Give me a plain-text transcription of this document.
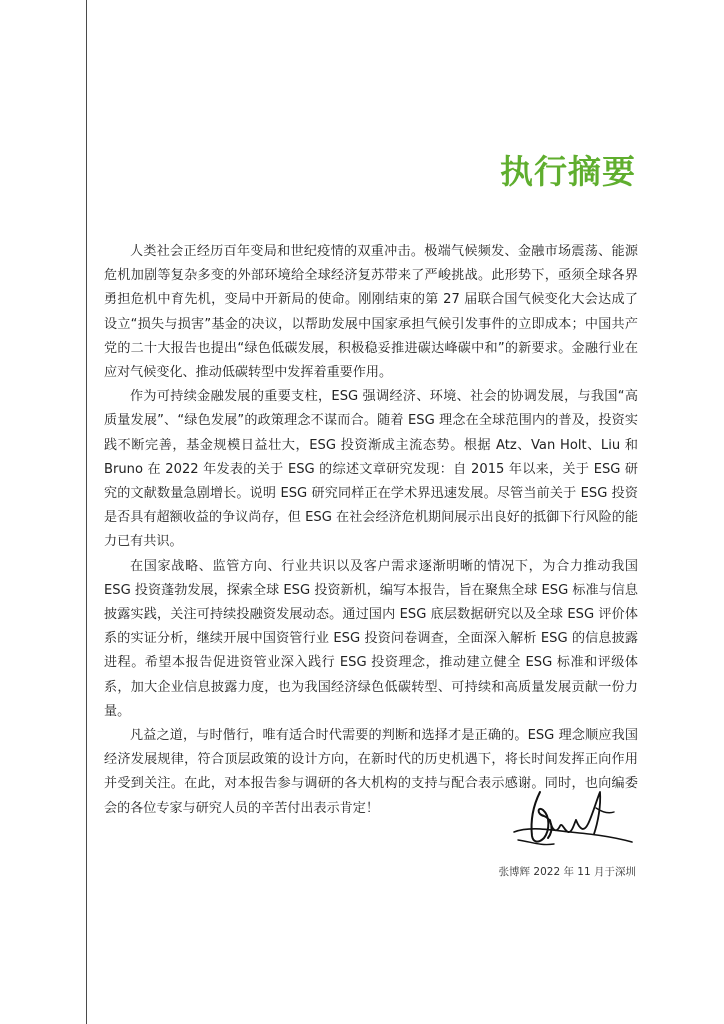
执行摘要

人类社会正经历百年变局和世纪疫情的双重冲击。极端气候频发、金融市场震荡、能源危机加剧等复杂多变的外部环境给全球经济复苏带来了严峻挑战。此形势下，亟须全球各界勇担危机中育先机，变局中开新局的使命。刚刚结束的第 27 届联合国气候变化大会达成了设立“损失与损害”基金的决议，以帮助发展中国家承担气候引发事件的立即成本；中国共产党的二十大报告也提出“绿色低碳发展，积极稳妥推进碳达峰碳中和”的新要求。金融行业在应对气候变化、推动低碳转型中发挥着重要作用。

作为可持续金融发展的重要支柱，ESG 强调经济、环境、社会的协调发展，与我国“高质量发展”、“绿色发展”的政策理念不谋而合。随着 ESG 理念在全球范围内的普及，投资实践不断完善，基金规模日益壮大，ESG 投资渐成主流态势。根据 Atz、Van Holt、Liu 和 Bruno 在 2022 年发表的关于 ESG 的综述文章研究发现：自 2015 年以来，关于 ESG 研究的文献数量急剧增长。说明 ESG 研究同样正在学术界迅速发展。尽管当前关于 ESG 投资是否具有超额收益的争议尚存，但 ESG 在社会经济危机期间展示出良好的抵御下行风险的能力已有共识。

在国家战略、监管方向、行业共识以及客户需求逐渐明晰的情况下，为合力推动我国 ESG 投资蓬勃发展，探索全球 ESG 投资新机，编写本报告，旨在聚焦全球 ESG 标准与信息披露实践，关注可持续投融资发展动态。通过国内 ESG 底层数据研究以及全球 ESG 评价体系的实证分析，继续开展中国资管行业 ESG 投资问卷调查，全面深入解析 ESG 的信息披露进程。希望本报告促进资管业深入践行 ESG 投资理念，推动建立健全 ESG 标准和评级体系，加大企业信息披露力度，也为我国经济绿色低碳转型、可持续和高质量发展贡献一份力量。

凡益之道，与时偕行，唯有适合时代需要的判断和选择才是正确的。ESG 理念顺应我国经济发展规律，符合顶层政策的设计方向，在新时代的历史机遇下，将长时间发挥正向作用并受到关注。在此，对本报告参与调研的各大机构的支持与配合表示感谢。同时，也向编委会的各位专家与研究人员的辛苦付出表示肯定！

张博辉 2022 年 11 月于深圳
